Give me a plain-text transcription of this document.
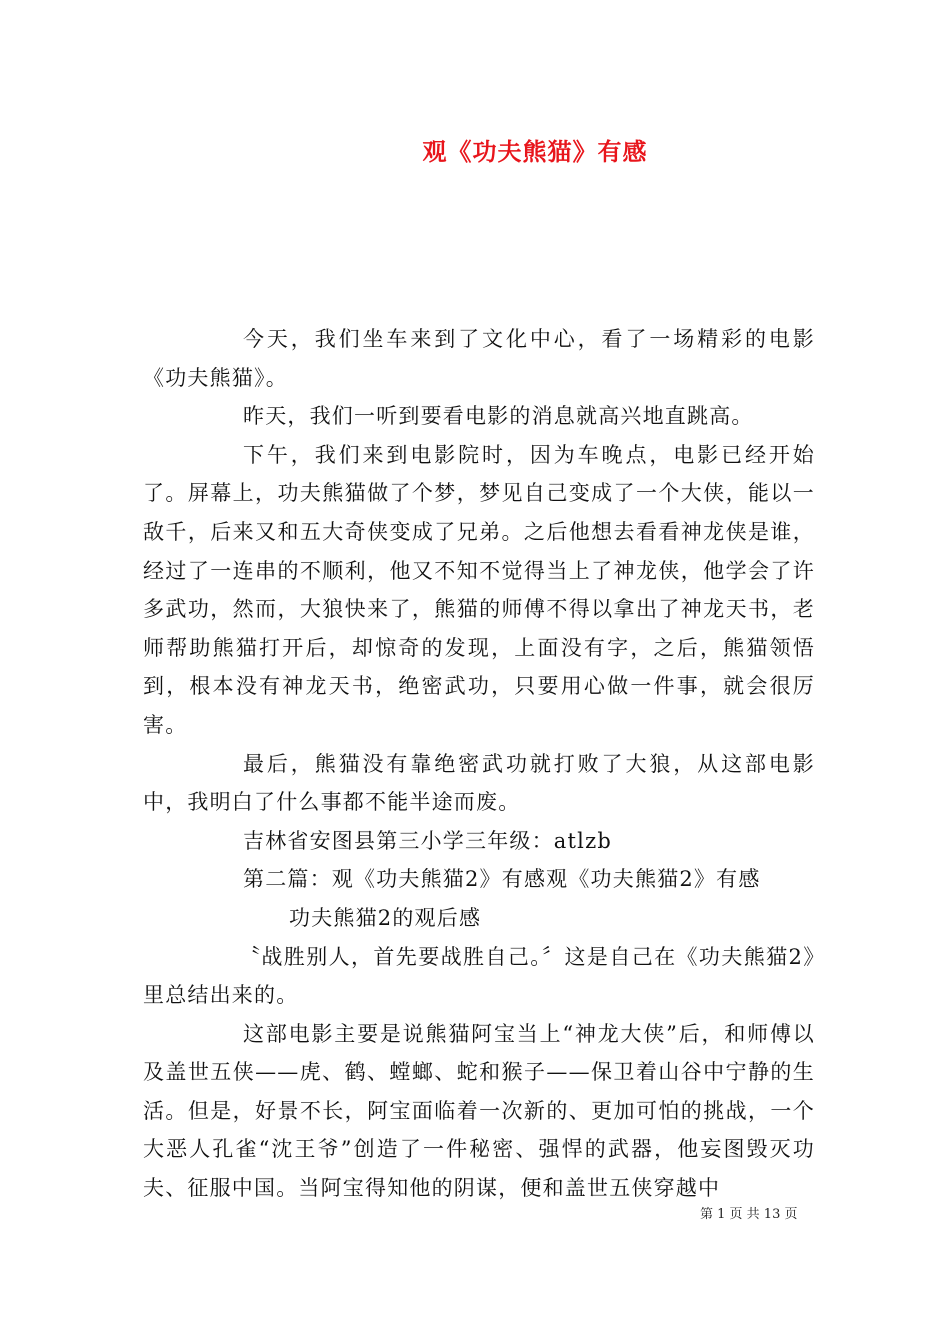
观《功夫熊猫》有感

今天，我们坐车来到了文化中心，看了一场精彩的电影《功夫熊猫》。

昨天，我们一听到要看电影的消息就高兴地直跳高。

下午，我们来到电影院时，因为车晚点，电影已经开始了。屏幕上，功夫熊猫做了个梦，梦见自己变成了一个大侠，能以一敌千，后来又和五大奇侠变成了兄弟。之后他想去看看神龙侠是谁，经过了一连串的不顺利，他又不知不觉得当上了神龙侠，他学会了许多武功，然而，大狼快来了，熊猫的师傅不得以拿出了神龙天书，老师帮助熊猫打开后，却惊奇的发现，上面没有字，之后，熊猫领悟到，根本没有神龙天书，绝密武功，只要用心做一件事，就会很厉害。

最后，熊猫没有靠绝密武功就打败了大狼，从这部电影中，我明白了什么事都不能半途而废。

吉林省安图县第三小学三年级：atlzb

第二篇：观《功夫熊猫2》有感观《功夫熊猫2》有感

功夫熊猫2的观后感

〝战胜别人，首先要战胜自己。〞这是自己在《功夫熊猫2》里总结出来的。

这部电影主要是说熊猫阿宝当上“神龙大侠”后，和师傅以及盖世五侠——虎、鹤、螳螂、蛇和猴子——保卫着山谷中宁静的生活。但是，好景不长，阿宝面临着一次新的、更加可怕的挑战，一个大恶人孔雀“沈王爷”创造了一件秘密、强悍的武器，他妄图毁灭功夫、征服中国。当阿宝得知他的阴谋，便和盖世五侠穿越中

第 1 页 共 13 页
